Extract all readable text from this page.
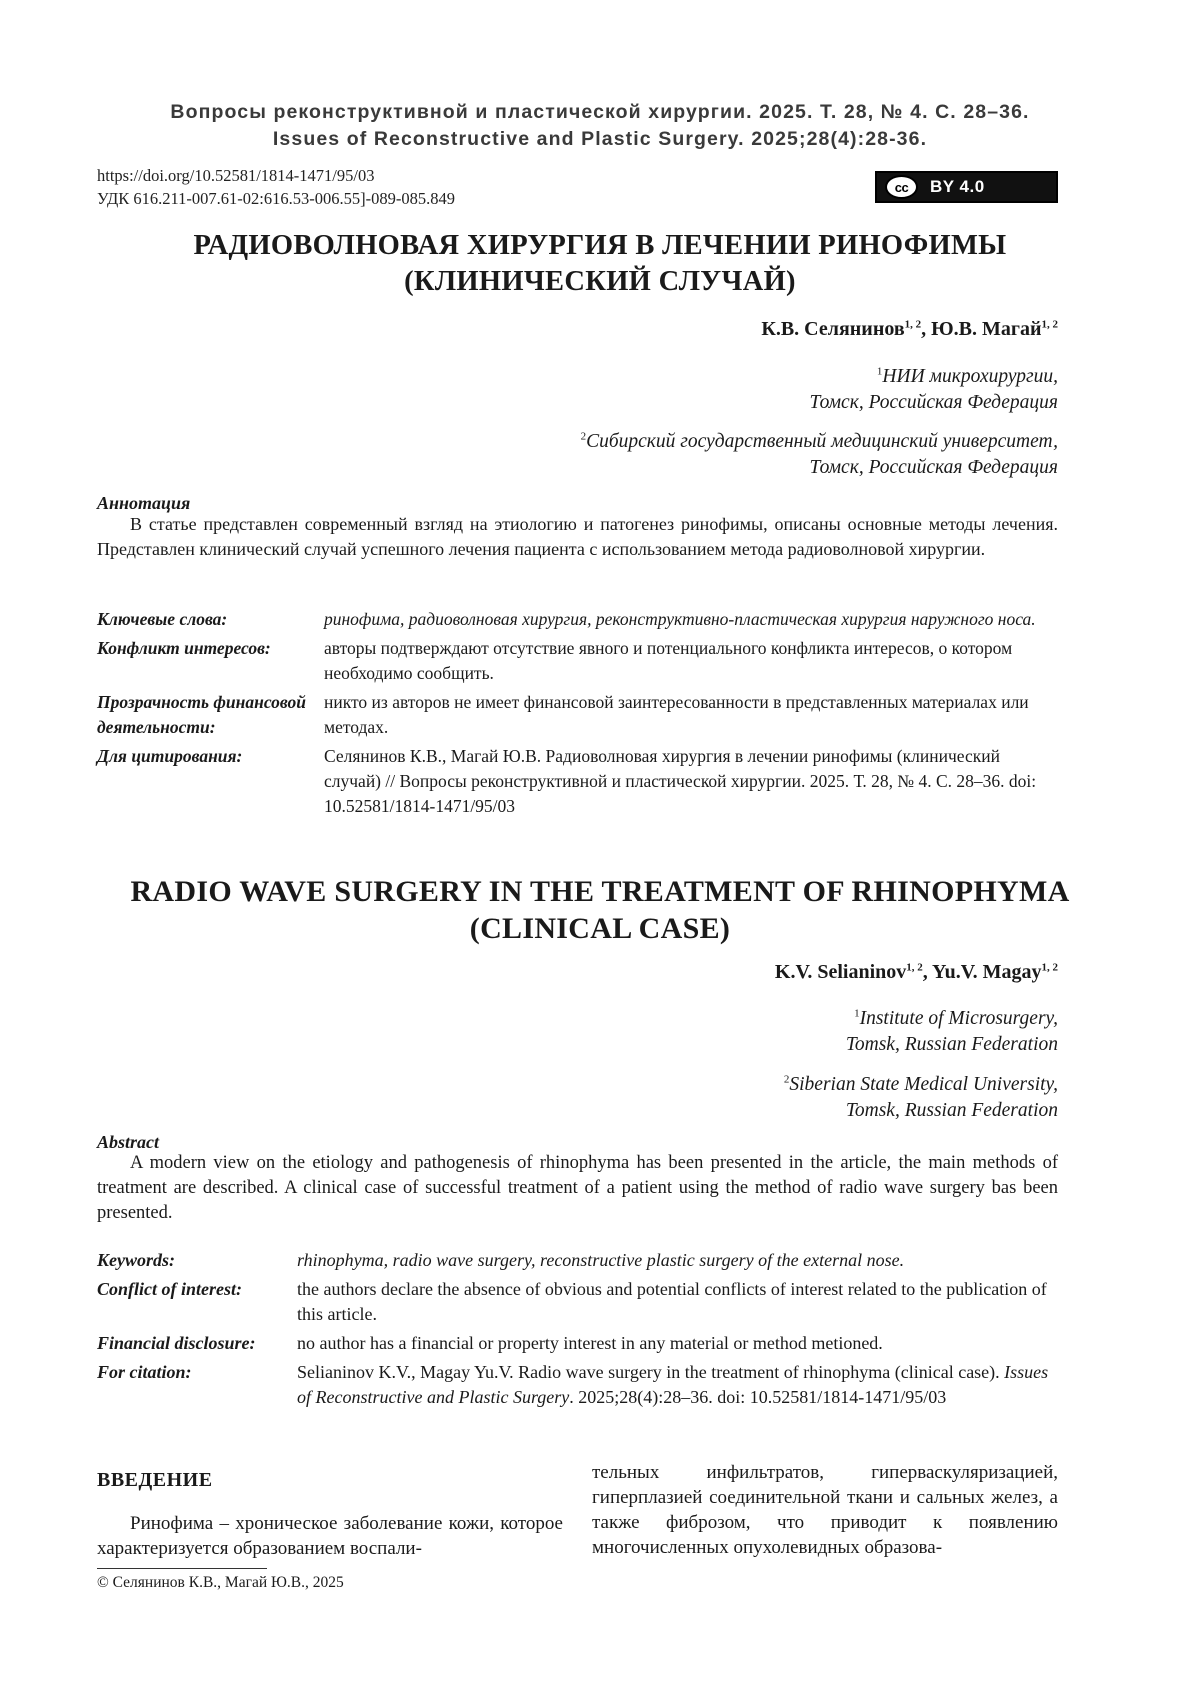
Вопросы реконструктивной и пластической хирургии. 2025. Т. 28, № 4. С. 28–36.
Issues of Reconstructive and Plastic Surgery. 2025;28(4):28-36.
https://doi.org/10.52581/1814-1471/95/03
УДК 616.211-007.61-02:616.53-006.55]-089-085.849
cc	BY 4.0
РАДИОВОЛНОВАЯ ХИРУРГИЯ В ЛЕЧЕНИИ РИНОФИМЫ
(КЛИНИЧЕСКИЙ СЛУЧАЙ)
К.В. Селянинов$^{1, 2}$, Ю.В. Магай$^{1, 2}$
$^1$НИИ микрохирургии,
Томск, Российская Федерация
$^2$Сибирский государственный медицинский университет,
Томск, Российская Федерация
Аннотация
В статье представлен современный взгляд на этиологию и патогенез ринофимы, описаны основные методы лечения. Представлен клинический случай успешного лечения пациента с использованием метода радиоволновой хирургии.
Ключевые слова:	ринофима, радиоволновая хирургия, реконструктивно-пластическая хирургия наружного носа.
Конфликт интересов:	авторы подтверждают отсутствие явного и потенциального конфликта интересов, о котором необходимо сообщить.
Прозрачность финансовой деятельности:
никто из авторов не имеет финансовой заинтересованности в представленных материалах или методах.
Для цитирования:	Селянинов К.В., Магай Ю.В. Радиоволновая хирургия в лечении ринофимы (клинический случай) // Вопросы реконструктивной и пластической хирургии. 2025. Т. 28, № 4. С. 28–36. doi: 10.52581/1814-1471/95/03
RADIO WAVE SURGERY IN THE TREATMENT OF RHINOPHYMA
(CLINICAL CASE)
K.V. Selianinov$^{1, 2}$, Yu.V. Magay$^{1, 2}$
$^1$Institute of Microsurgery,
Tomsk, Russian Federation
$^2$Siberian State Medical University,
Tomsk, Russian Federation
Abstract
A modern view on the etiology and pathogenesis of rhinophyma has been presented in the article, the main methods of treatment are described. A clinical case of successful treatment of a patient using the method of radio wave surgery bas been presented.
Keywords:	rhinophyma, radio wave surgery, reconstructive plastic surgery of the external nose.
Conflict of interest:	the authors declare the absence of obvious and potential conflicts of interest related to the publication of this article.
Financial disclosure:	no author has a financial or property interest in any material or method metioned.
For citation:	Selianinov K.V., Magay Yu.V. Radio wave surgery in the treatment of rhinophyma (clinical case). Issues of Reconstructive and Plastic Surgery. 2025;28(4):28–36. doi: 10.52581/1814-1471/95/03
ВВЕДЕНИЕ
Ринофима – хроническое заболевание кожи, которое характеризуется образованием воспали-
тельных инфильтратов, гиперваскуляризацией, гиперплазией соединительной ткани и сальных желез, а также фиброзом, что приводит к появлению многочисленных опухолевидных образова-
© Селянинов К.В., Магай Ю.В., 2025
